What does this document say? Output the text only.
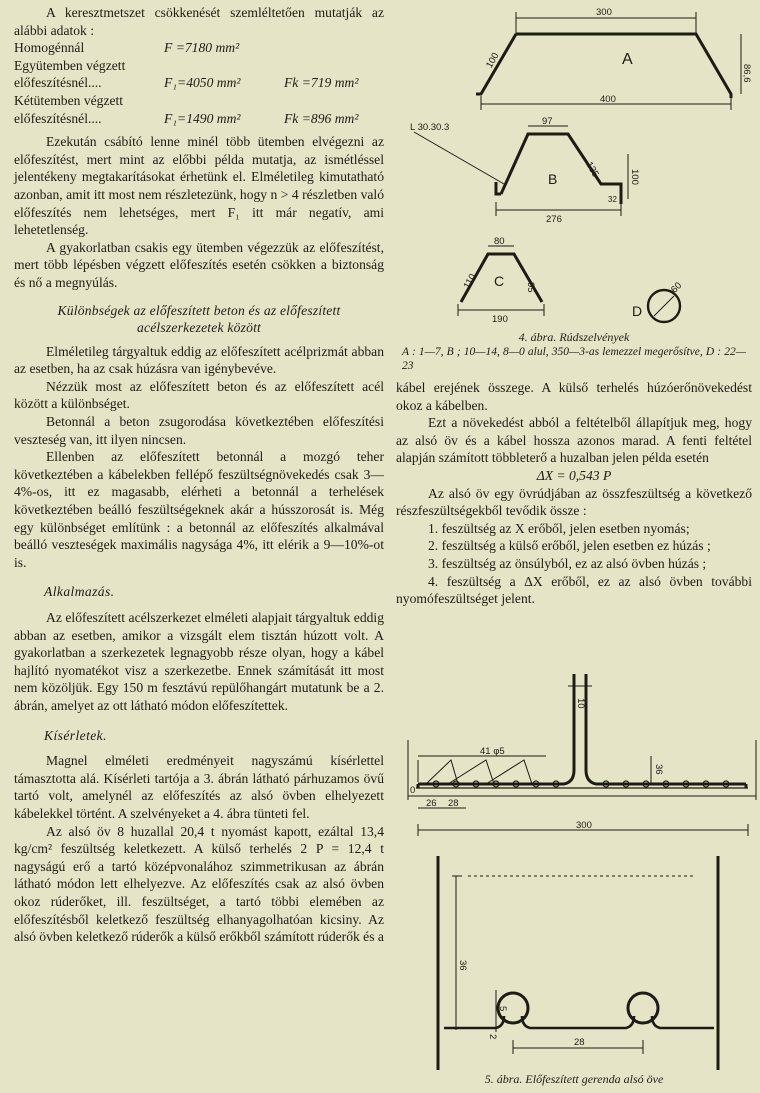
A keresztmetszet csökkenését szemléltetően mutatják az alábbi adatok :

Homogénnál	F =7180 mm²
Együtemben végzett
előfeszítésnél....	F₁=4050 mm²	Fk =719 mm²
Kétütemben végzett
előfeszítésnél....	F₁=1490 mm²	Fk =896 mm²

Ezekután csábító lenne minél több ütemben elvégezni az előfeszítést, mert mint az előbbi példa mutatja, az ismétléssel jelentékeny megtakarításokat érhetünk el. Elméletileg kimutatható azonban, amit itt most nem részletezünk, hogy n > 4 részletben való előfeszítés nem lehetséges, mert F₁ itt már negatív, ami lehetetlenség.

A gyakorlatban csakis egy ütemben végezzük az előfeszítést, mert több lépésben végzett előfeszítés esetén csökken a biztonság és nő a megnyúlás.

Különbségek az előfeszített beton és az előfeszített acélszerkezetek között

Elméletileg tárgyaltuk eddig az előfeszített acélprizmát abban az esetben, ha az csak húzásra van igénybevéve.

Nézzük most az előfeszített beton és az előfeszített acél között a különbséget.

Betonnál a beton zsugorodása következtében előfeszítési veszteség van, itt ilyen nincsen.

Ellenben az előfeszített betonnál a mozgó teher következtében a kábelekben fellépő feszültségnövekedés csak 3—4%-os, itt ez magasabb, elérheti a betonnál a terhelések következtében beálló feszültségeknek akár a hússzorosát is. Még egy különbséget említünk : a betonnál az előfeszítés alkalmával beálló veszteségek maximális nagysága 4%, itt elérik a 9—10%-ot is.

Alkalmazás.

Az előfeszített acélszerkezet elméleti alapjait tárgyaltuk eddig abban az esetben, amikor a vizsgált elem tisztán húzott volt. A gyakorlatban a szerkezetek legnagyobb része olyan, hogy a kábel hajlító nyomatékot visz a szerkezetbe. Ennek számítását itt most nem közöljük. Egy 150 m fesztávú repülőhangárt mutatunk be a 2. ábrán, amelyet az ott látható módon előfeszítettek.

Kísérletek.

Magnel elméleti eredményeit nagyszámú kísérlettel támasztotta alá. Kísérleti tartója a 3. ábrán látható párhuzamos övű tartó volt, amelynél az előfeszítés az alsó övben elhelyezett kábelekkel történt. A szelvényeket a 4. ábra tünteti fel.

Az alsó öv 8 huzallal 20,4 t nyomást kapott, ezáltal 13,4 kg/cm² feszültség keletkezett. A külső terhelés 2 P = 12,4 t nagyságú erő a tartó középvonalához szimmetrikusan az ábrán látható módon lett elhelyezve. Az előfeszítés csak az alsó övben okoz rúderőket, ill. feszültséget, a tartó többi elemében az előfeszítésből keletkező feszültség elhanyagolhatóan kicsiny. Az alsó övben keletkező rúderők a külső erőkből számított rúderők és a

300
A
100
86,6
400
L 30.30.3
97
B	135	100
276
32
80
C
110	95
190
D
60
4. ábra. Rúdszelvények
A : 1—7, B ; 10—14, 8—0 alul, 350—3-as lemezzel megerősítve, D : 22—23

kábel erejének összege. A külső terhelés húzóerőnövekedést okoz a kábelben.

Ezt a növekedést abból a feltételből állapítjuk meg, hogy az alsó öv és a kábel hossza azonos marad. A fenti feltétel alapján számított többleterő a huzalban jelen példa esetén

ΔX = 0,543 P

Az alsó öv egy övrúdjában az összfeszültség a következő részfeszültségekből tevődik össze :

1. feszültség az X erőből, jelen esetben nyomás;

2. feszültség a külső erőből, jelen esetben ez húzás ;

3. feszültség az önsúlyból, ez az alsó övben húzás ;

4. feszültség a ΔX erőből, ez az alsó övben további nyomófeszültséget jelent.

10
41 φ5
36
0
26 28
300
36
5
2
28
5. ábra. Előfeszített gerenda alsó öve
